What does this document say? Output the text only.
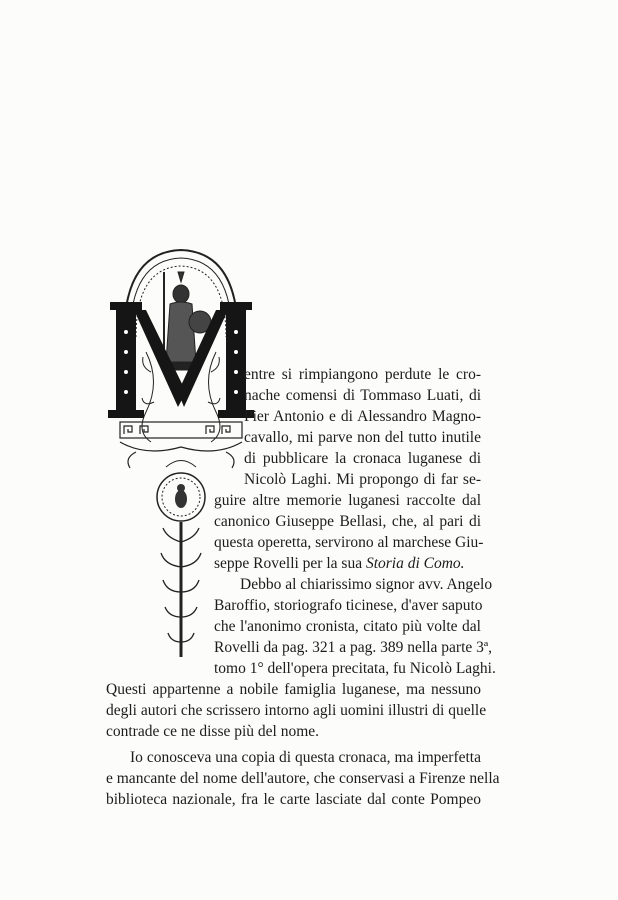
entre si rimpiangono perdute le cro-
nache comensi di Tommaso Luati, di
Pier Antonio e di Alessandro Magno-
cavallo, mi parve non del tutto inutile
di pubblicare la cronaca luganese di
Nicolò Laghi. Mi propongo di far se-
guire altre memorie luganesi raccolte dal
canonico Giuseppe Bellasi, che, al pari di
questa operetta, servirono al marchese Giu-
seppe Rovelli per la sua Storia di Como.
Debbo al chiarissimo signor avv. Angelo
Baroffio, storiografo ticinese, d'aver saputo
che l'anonimo cronista, citato più volte dal
Rovelli da pag. 321 a pag. 389 nella parte 3ª,
tomo 1° dell'opera precitata, fu Nicolò Laghi.
Questi appartenne a nobile famiglia luganese, ma nessuno
degli autori che scrissero intorno agli uomini illustri di quelle
contrade ce ne disse più del nome.
Io conosceva una copia di questa cronaca, ma imperfetta
e mancante del nome dell'autore, che conservasi a Firenze nella
biblioteca nazionale, fra le carte lasciate dal conte Pompeo
